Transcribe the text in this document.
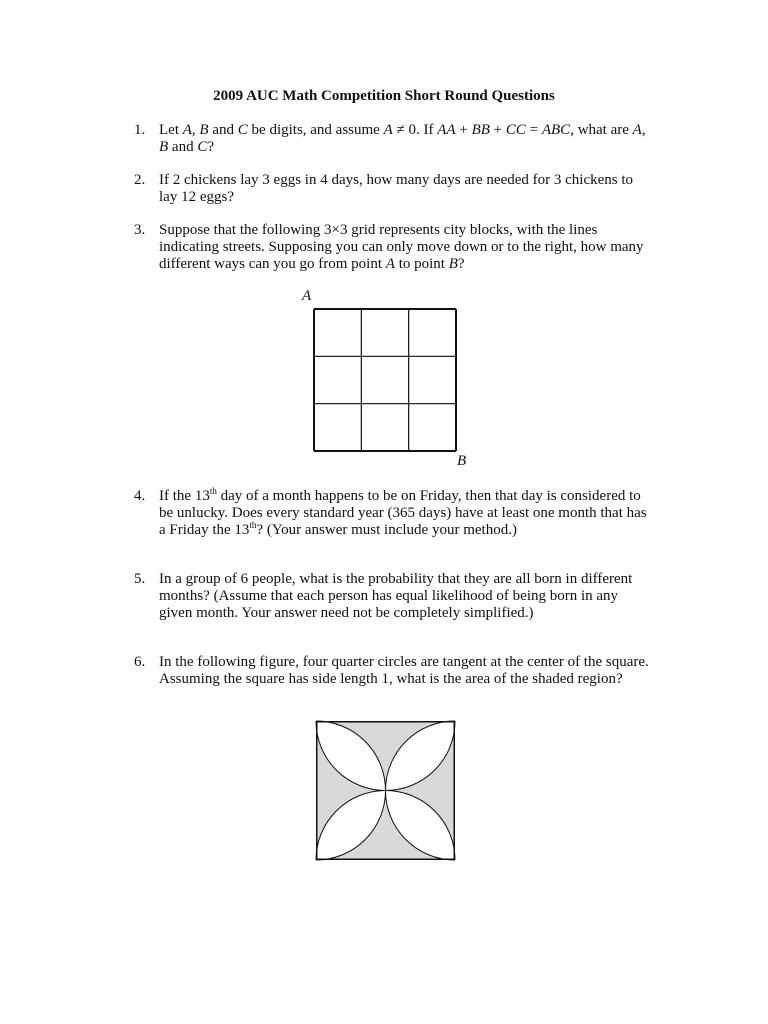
2009 AUC Math Competition Short Round Questions
1. Let A, B and C be digits, and assume A ≠ 0. If AA + BB + CC = ABC, what are A, B and C?
2. If 2 chickens lay 3 eggs in 4 days, how many days are needed for 3 chickens to lay 12 eggs?
3. Suppose that the following 3×3 grid represents city blocks, with the lines indicating streets. Supposing you can only move down or to the right, how many different ways can you go from point A to point B?
A
B
4. If the 13th day of a month happens to be on Friday, then that day is considered to be unlucky. Does every standard year (365 days) have at least one month that has a Friday the 13th? (Your answer must include your method.)
5. In a group of 6 people, what is the probability that they are all born in different months? (Assume that each person has equal likelihood of being born in any given month. Your answer need not be completely simplified.)
6. In the following figure, four quarter circles are tangent at the center of the square. Assuming the square has side length 1, what is the area of the shaded region?
